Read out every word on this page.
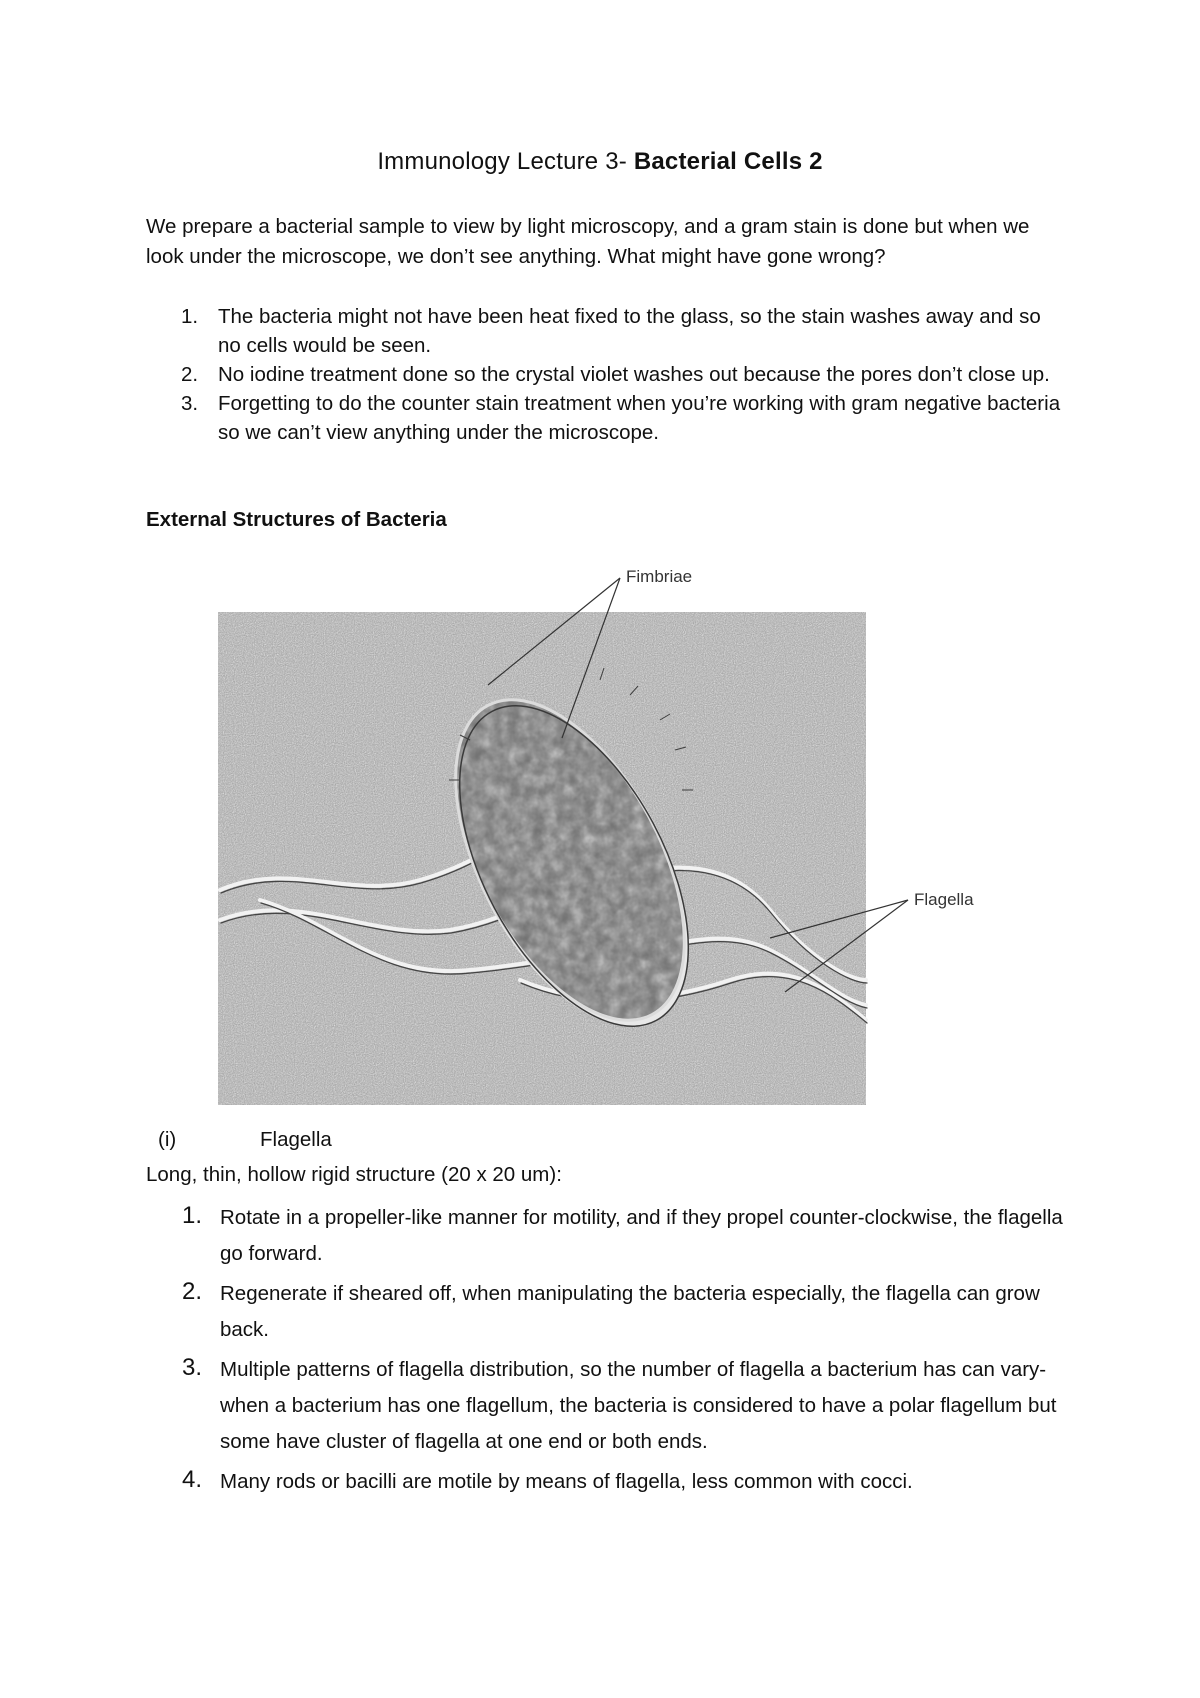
Immunology Lecture 3- Bacterial Cells 2
We prepare a bacterial sample to view by light microscopy, and a gram stain is done but when we look under the microscope, we don’t see anything. What might have gone wrong?
1. The bacteria might not have been heat fixed to the glass, so the stain washes away and so no cells would be seen.
2. No iodine treatment done so the crystal violet washes out because the pores don’t close up.
3. Forgetting to do the counter stain treatment when you’re working with gram negative bacteria so we can’t view anything under the microscope.
External Structures of Bacteria
Fimbriae
Flagella
(i)	Flagella
Long, thin, hollow rigid structure (20 x 20 um):
1. Rotate in a propeller-like manner for motility, and if they propel counter-clockwise, the flagella go forward.
2. Regenerate if sheared off, when manipulating the bacteria especially, the flagella can grow back.
3. Multiple patterns of flagella distribution, so the number of flagella a bacterium has can vary- when a bacterium has one flagellum, the bacteria is considered to have a polar flagellum but some have cluster of flagella at one end or both ends.
4. Many rods or bacilli are motile by means of flagella, less common with cocci.
